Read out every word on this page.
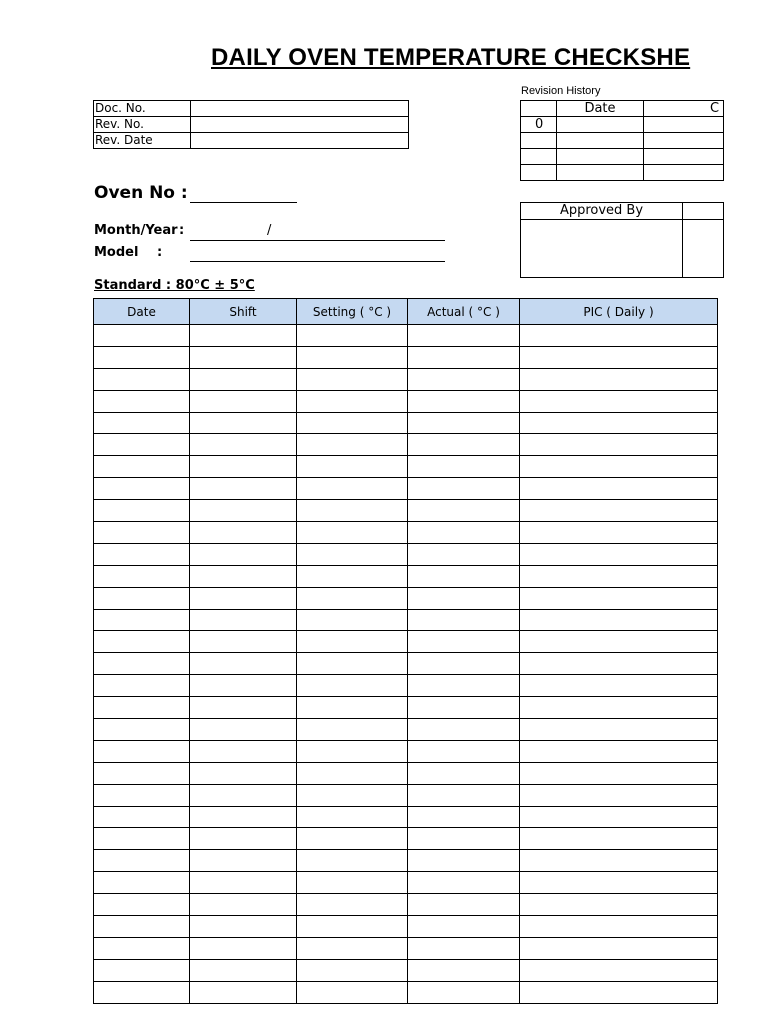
DAILY OVEN TEMPERATURE CHECKSHE
Doc. No.	
Rev. No.	
Rev. Date	
Revision History
	Date	C
0		

Approved By	

Oven No :
Month/Year :	/
Model :
Standard : 80°C ± 5°C
Date	Shift	Setting ( °C )	Actual ( °C )	PIC ( Daily )
